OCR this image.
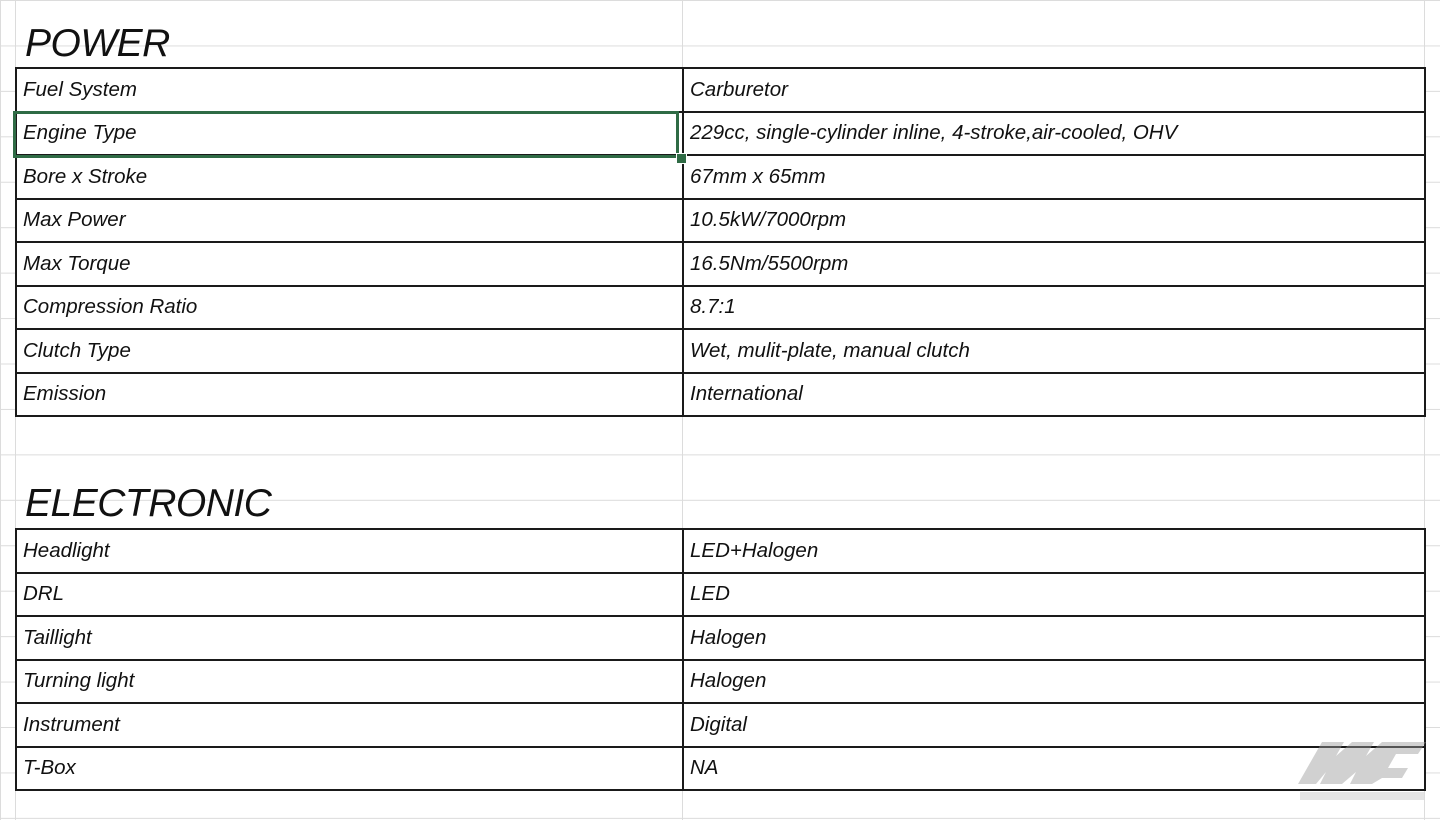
POWER
Fuel System	Carburetor
Engine Type	229cc, single-cylinder inline, 4-stroke,air-cooled, OHV
Bore x Stroke	67mm x 65mm
Max Power	10.5kW/7000rpm
Max Torque	16.5Nm/5500rpm
Compression Ratio	8.7:1
Clutch Type	Wet, mulit-plate, manual clutch
Emission	International
ELECTRONIC
Headlight	LED+Halogen
DRL	LED
Taillight	Halogen
Turning light	Halogen
Instrument	Digital
T-Box	NA
